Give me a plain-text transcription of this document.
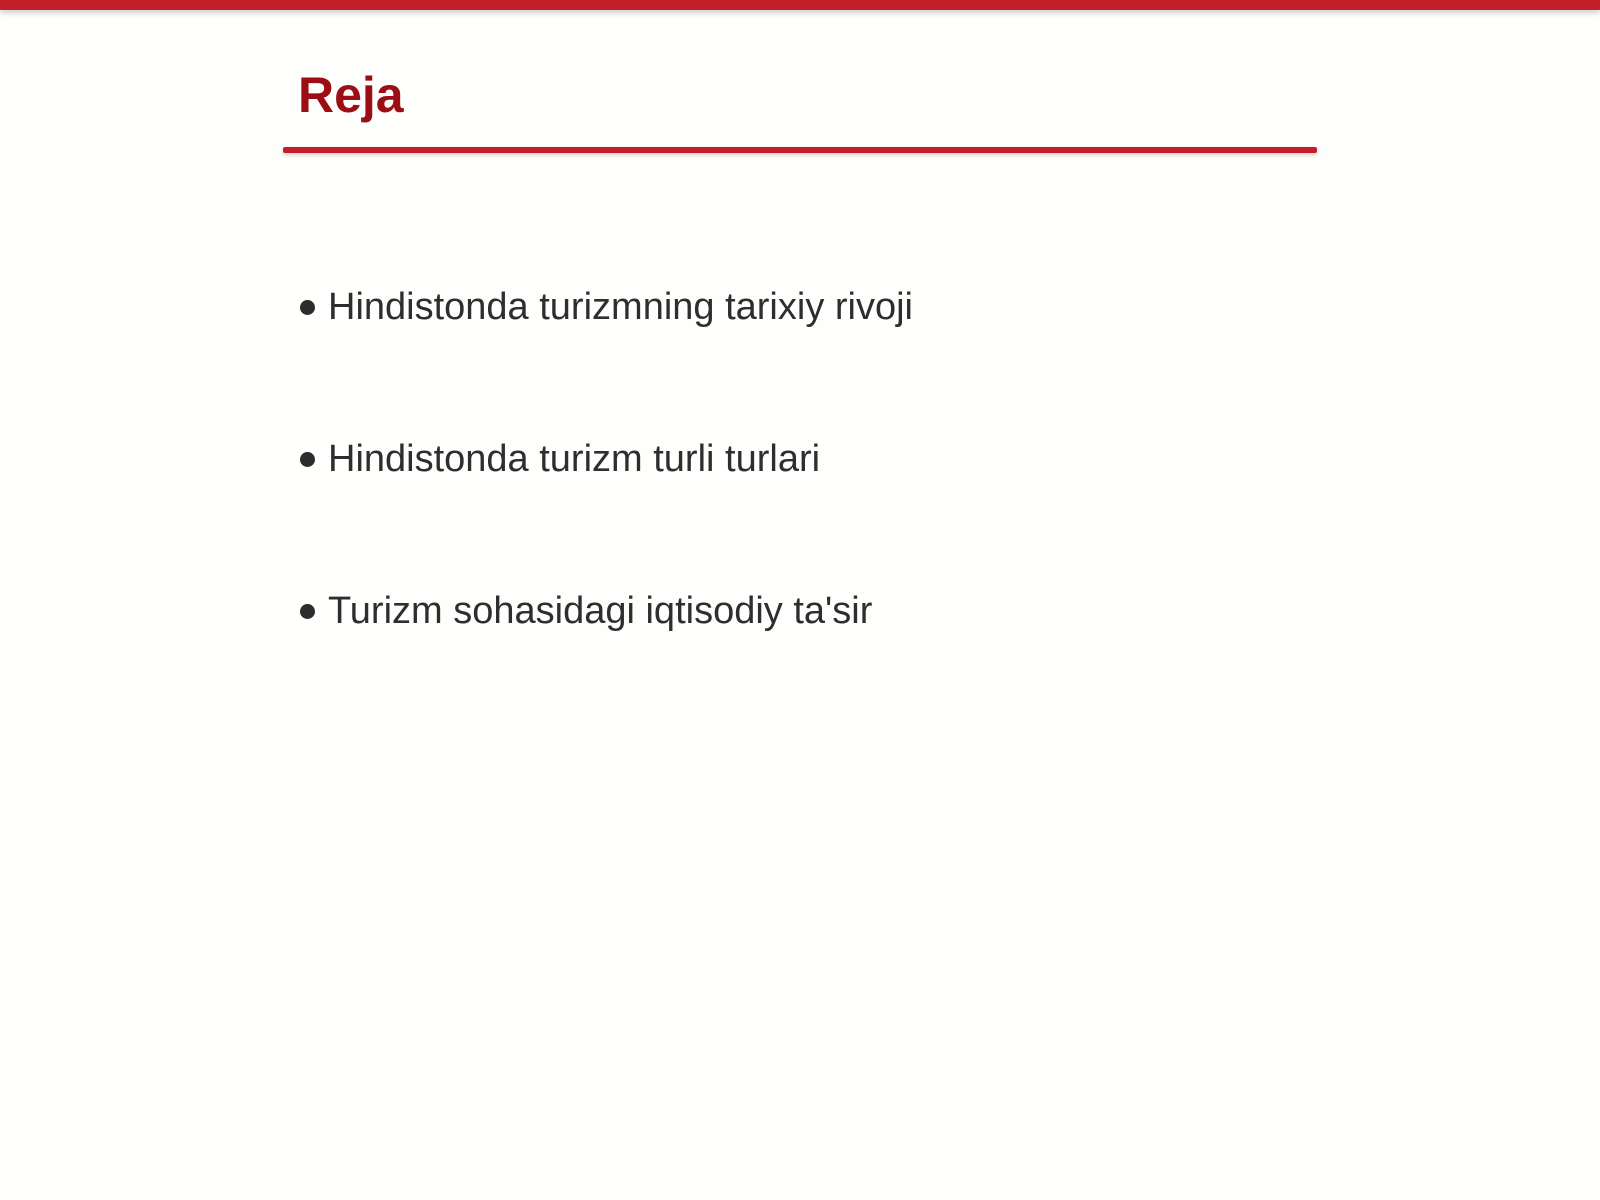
Reja
Hindistonda turizmning tarixiy rivoji
Hindistonda turizm turli turlari
Turizm sohasidagi iqtisodiy ta'sir
